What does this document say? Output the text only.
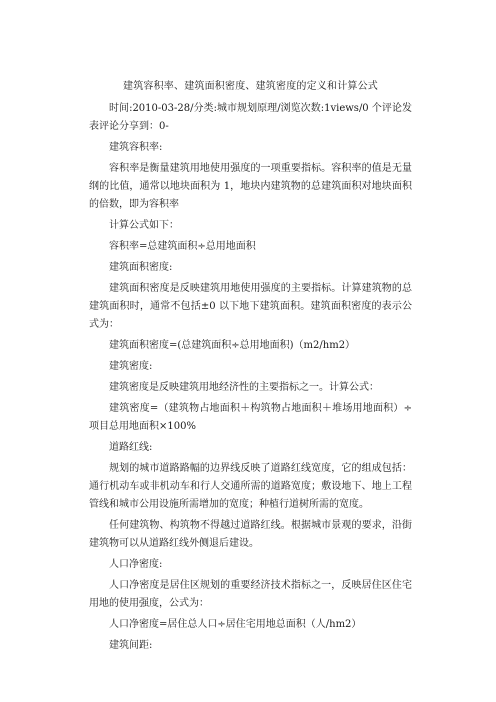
建筑容积率、建筑面积密度、建筑密度的定义和计算公式

时间:2010-03-28/分类:城市规划原理/浏览次数:1views/0 个评论发表评论分享到：0-

建筑容积率:

容积率是衡量建筑用地使用强度的一项重要指标。容积率的值是无量纲的比值，通常以地块面积为 1，地块内建筑物的总建筑面积对地块面积的倍数，即为容积率

计算公式如下：

容积率=总建筑面积÷总用地面积

建筑面积密度:

建筑面积密度是反映建筑用地使用强度的主要指标。计算建筑物的总建筑面积时，通常不包括±0 以下地下建筑面积。建筑面积密度的表示公式为：

建筑面积密度=(总建筑面积÷总用地面积)（m2/hm2）

建筑密度:

建筑密度是反映建筑用地经济性的主要指标之一。计算公式：

建筑密度=（建筑物占地面积＋构筑物占地面积＋堆场用地面积）÷项目总用地面积×100%

道路红线:

规划的城市道路路幅的边界线反映了道路红线宽度，它的组成包括：通行机动车或非机动车和行人交通所需的道路宽度；敷设地下、地上工程管线和城市公用设施所需增加的宽度；种植行道树所需的宽度。

任何建筑物、构筑物不得越过道路红线。根据城市景观的要求，沿街建筑物可以从道路红线外侧退后建设。

人口净密度:

人口净密度是居住区规划的重要经济技术指标之一，反映居住区住宅用地的使用强度，公式为：

人口净密度=居住总人口÷居住宅用地总面积（人/hm2）

建筑间距:
